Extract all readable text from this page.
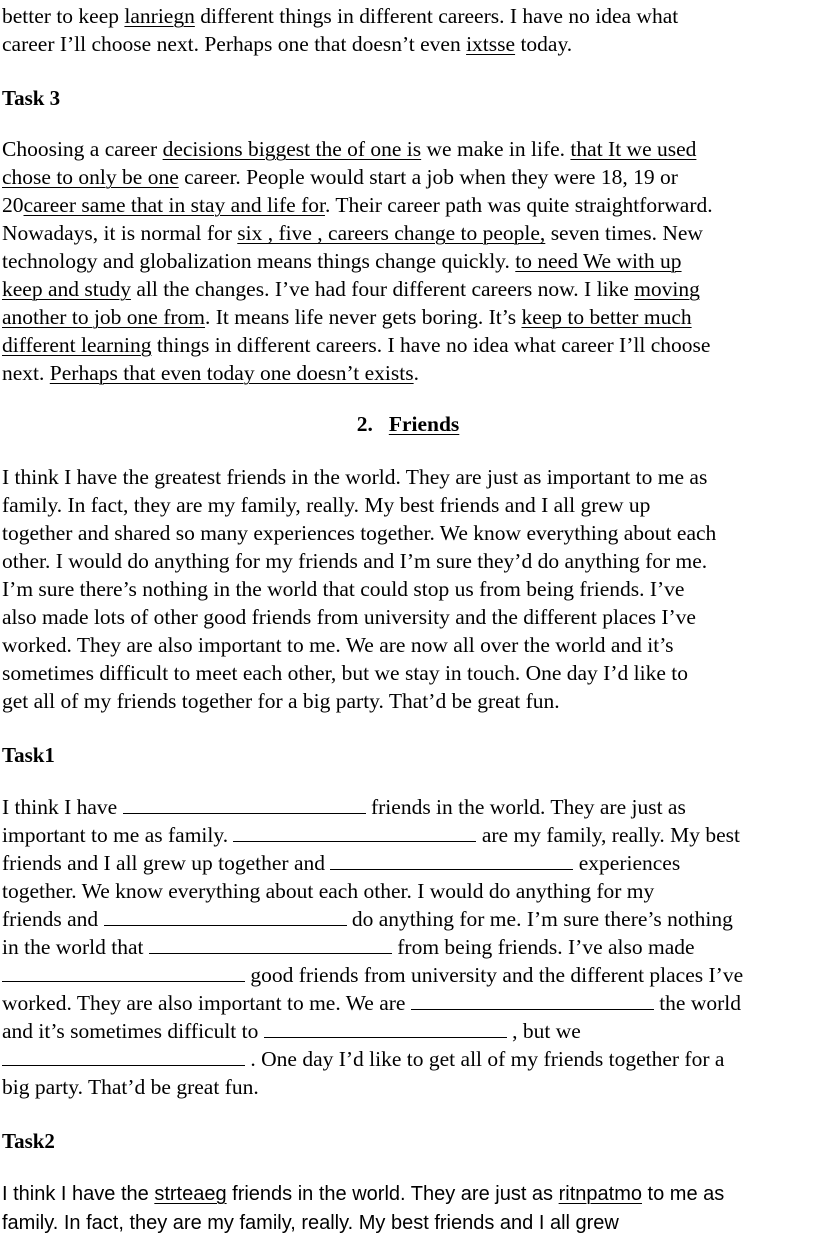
better to keep lanriegn different things in different careers. I have no idea what
career I’ll choose next. Perhaps one that doesn’t even ixtsse today.
Task 3
Choosing a career decisions biggest the of one is we make in life. that It we used
chose to only be one career. People would start a job when they were 18, 19 or
20career same that in stay and life for. Their career path was quite straightforward.
Nowadays, it is normal for six , five , careers change to people, seven times. New
technology and globalization means things change quickly. to need We with up
keep and study all the changes. I’ve had four different careers now. I like moving
another to job one from. It means life never gets boring. It’s keep to better much
different learning things in different careers. I have no idea what career I’ll choose
next. Perhaps that even today one doesn’t exists.
2. Friends
I think I have the greatest friends in the world. They are just as important to me as
family. In fact, they are my family, really. My best friends and I all grew up
together and shared so many experiences together. We know everything about each
other. I would do anything for my friends and I’m sure they’d do anything for me.
I’m sure there’s nothing in the world that could stop us from being friends. I’ve
also made lots of other good friends from university and the different places I’ve
worked. They are also important to me. We are now all over the world and it’s
sometimes difficult to meet each other, but we stay in touch. One day I’d like to
get all of my friends together for a big party. That’d be great fun.
Task1
I think I have	friends in the world. They are just as
important to me as family.	are my family, really. My best
friends and I all grew up together and	experiences
together. We know everything about each other. I would do anything for my
friends and	do anything for me. I’m sure there’s nothing
in the world that	from being friends. I’ve also made
good friends from university and the different places I’ve
worked. They are also important to me. We are	the world
and it’s sometimes difficult to	, but we
. One day I’d like to get all of my friends together for a
big party. That’d be great fun.
Task2
I think I have the strteaeg friends in the world. They are just as ritnpatmo to me as
family. In fact, they are my family, really. My best friends and I all grew
